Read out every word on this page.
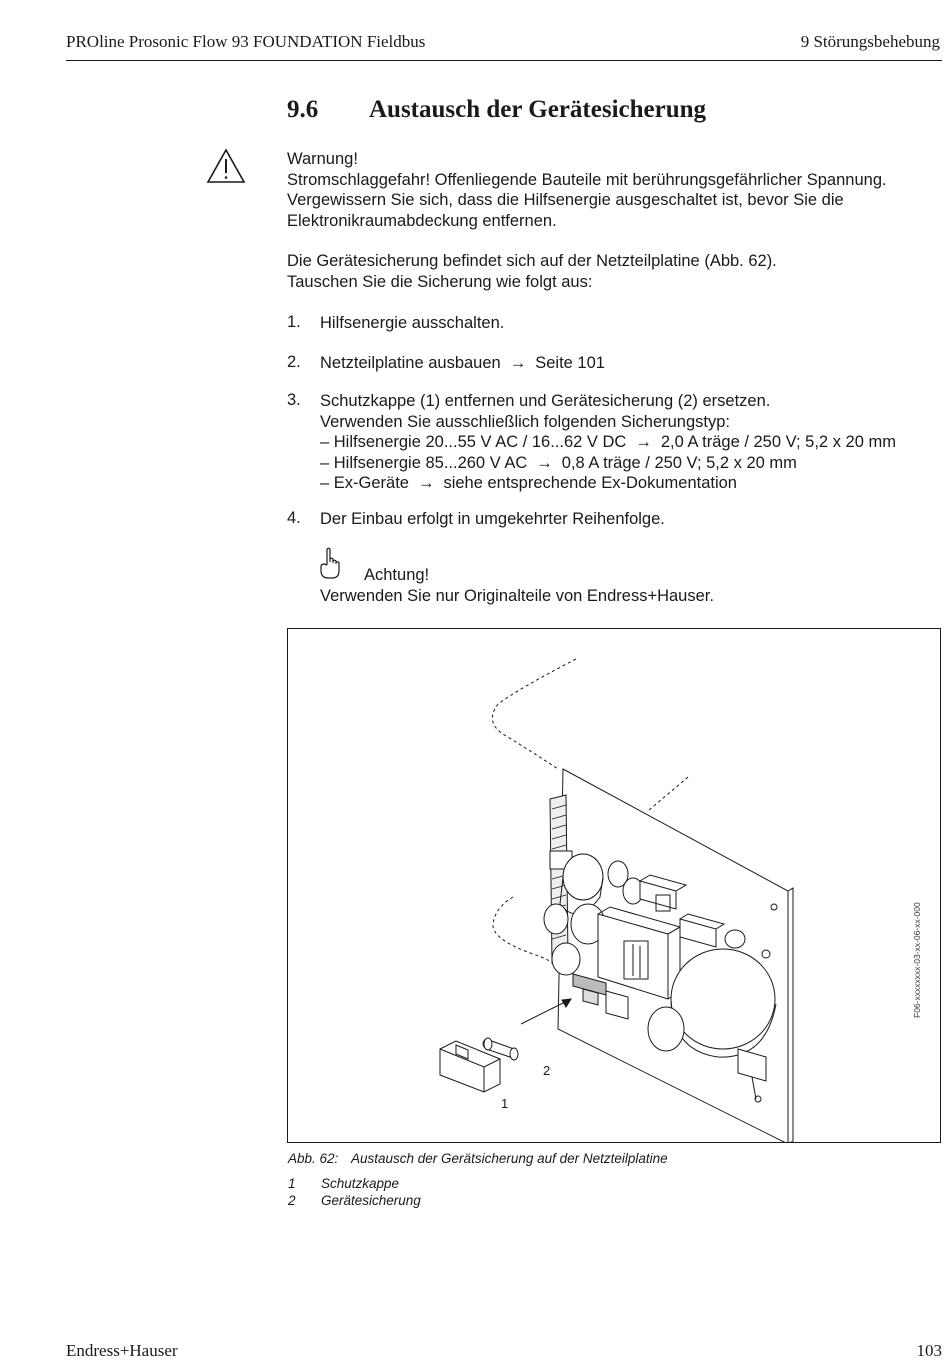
PROline Prosonic Flow 93 FOUNDATION Fieldbus	9 Störungsbehebung
9.6 Austausch der Gerätesicherung
Warnung!
Stromschlaggefahr! Offenliegende Bauteile mit berührungsgefährlicher Spannung.
Vergewissern Sie sich, dass die Hilfsenergie ausgeschaltet ist, bevor Sie die
Elektronikraumabdeckung entfernen.
Die Gerätesicherung befindet sich auf der Netzteilplatine (Abb. 62).
Tauschen Sie die Sicherung wie folgt aus:
1. Hilfsenergie ausschalten.
2. Netzteilplatine ausbauen → Seite 101
3. Schutzkappe (1) entfernen und Gerätesicherung (2) ersetzen.
Verwenden Sie ausschließlich folgenden Sicherungstyp:
– Hilfsenergie 20...55 V AC / 16...62 V DC → 2,0 A träge / 250 V; 5,2 x 20 mm
– Hilfsenergie 85...260 V AC → 0,8 A träge / 250 V; 5,2 x 20 mm
– Ex-Geräte → siehe entsprechende Ex-Dokumentation
4. Der Einbau erfolgt in umgekehrter Reihenfolge.
Achtung!
Verwenden Sie nur Originalteile von Endress+Hauser.
F06-xxxxxxxx-03-xx-06-xx-000
1
2
Abb. 62: Austausch der Gerätsicherung auf der Netzteilplatine
1 Schutzkappe
2 Gerätesicherung
Endress+Hauser	103
